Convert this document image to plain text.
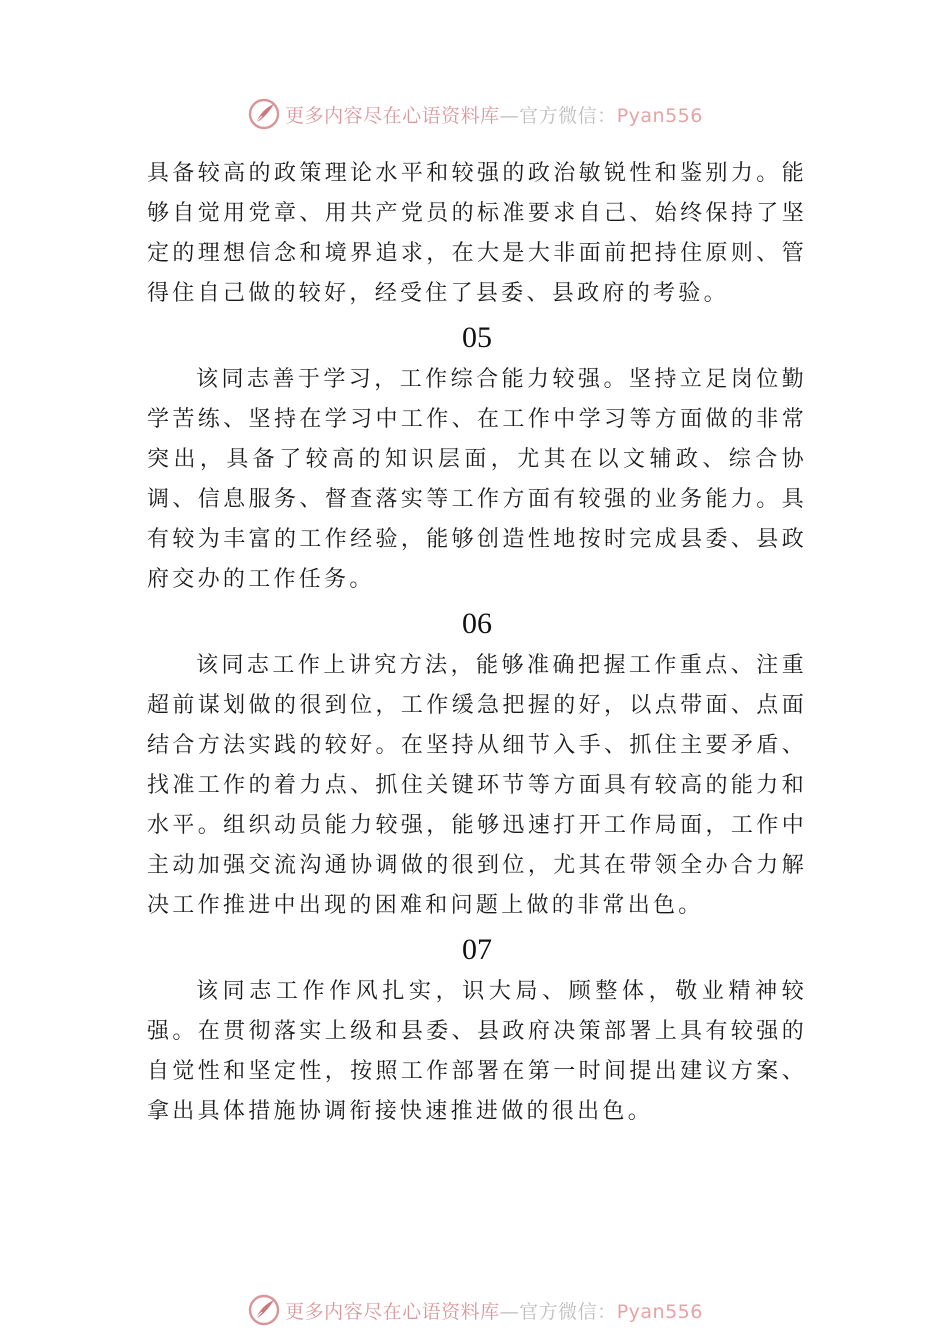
更多内容尽在心语资料库—官方微信：Pyan556

具备较高的政策理论水平和较强的政治敏锐性和鉴别力。能够自觉用党章、用共产党员的标准要求自己、始终保持了坚定的理想信念和境界追求，在大是大非面前把持住原则、管得住自己做的较好，经受住了县委、县政府的考验。

05

该同志善于学习，工作综合能力较强。坚持立足岗位勤学苦练、坚持在学习中工作、在工作中学习等方面做的非常突出，具备了较高的知识层面，尤其在以文辅政、综合协调、信息服务、督查落实等工作方面有较强的业务能力。具有较为丰富的工作经验，能够创造性地按时完成县委、县政府交办的工作任务。

06

该同志工作上讲究方法，能够准确把握工作重点、注重超前谋划做的很到位，工作缓急把握的好，以点带面、点面结合方法实践的较好。在坚持从细节入手、抓住主要矛盾、 找准工作的着力点、抓住关键环节等方面具有较高的能力和水平。组织动员能力较强，能够迅速打开工作局面，工作中主动加强交流沟通协调做的很到位，尤其在带领全办合力解决工作推进中出现的困难和问题上做的非常出色。

07

该同志工作作风扎实，识大局、顾整体，敬业精神较强。在贯彻落实上级和县委、县政府决策部署上具有较强的自觉性和坚定性，按照工作部署在第一时间提出建议方案、拿出具体措施协调衔接快速推进做的很出色。

更多内容尽在心语资料库—官方微信：Pyan556
